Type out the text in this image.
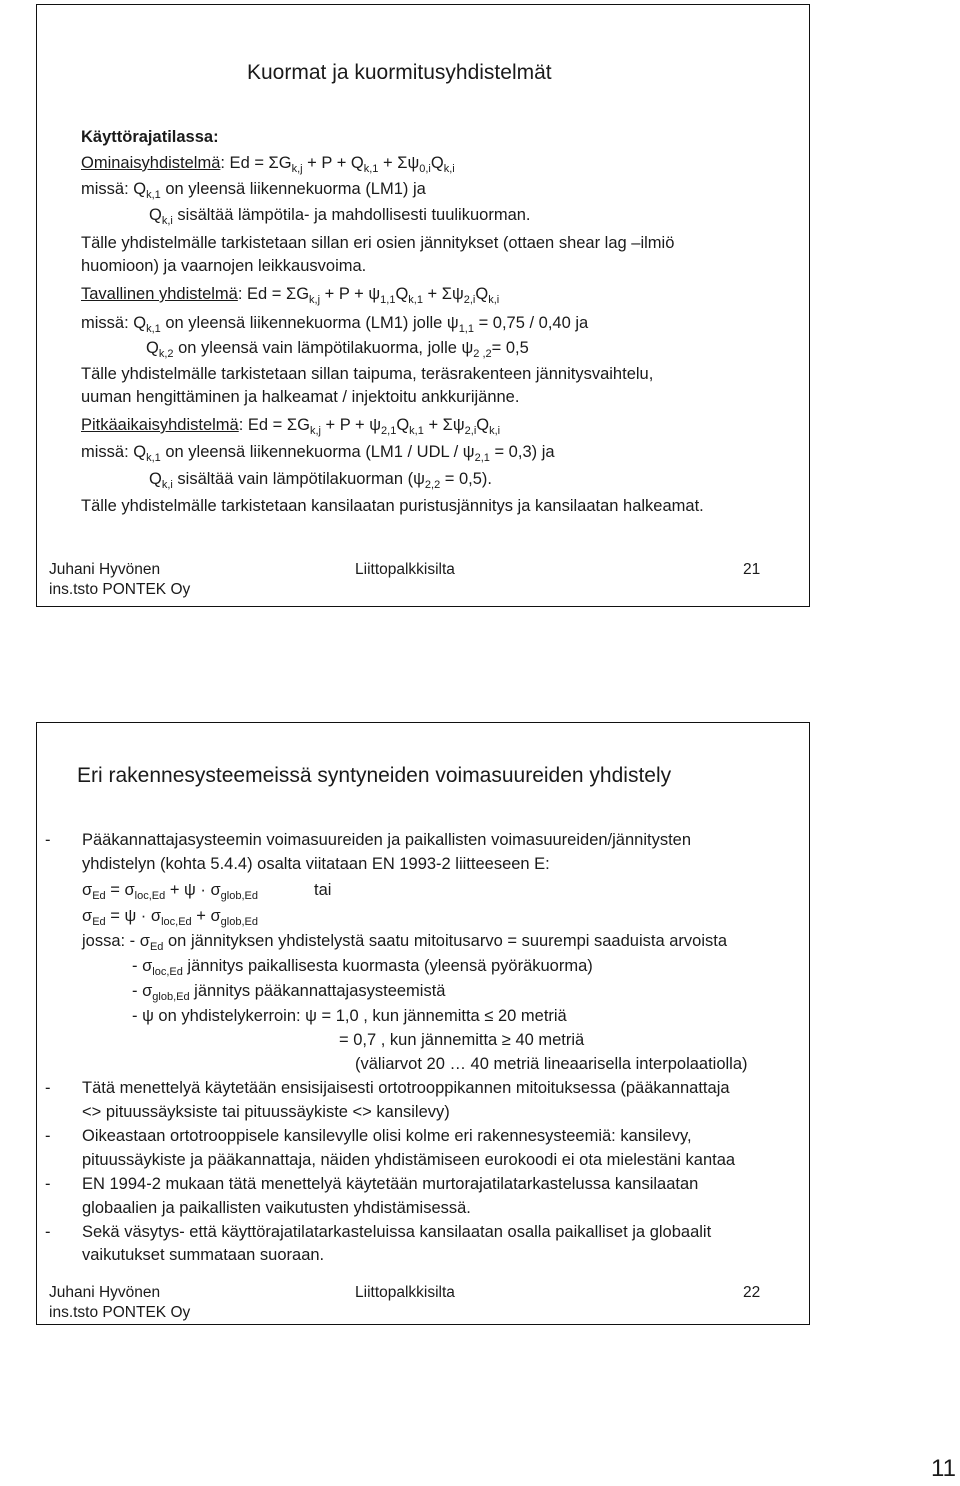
Kuormat ja kuormitusyhdistelmät
Käyttörajatilassa:
Ominaisyhdistelmä: $Ed = \Sigma G_{k,j} + P + Q_{k,1} + \Sigma\psi_{0,i}Q_{k,i}$
missä: $Q_{k,1}$ on yleensä liikennekuorma (LM1) ja
$Q_{k,i}$ sisältää lämpötila- ja mahdollisesti tuulikuorman.
Tälle yhdistelmälle tarkistetaan sillan eri osien jännitykset (ottaen shear lag –ilmiö
huomioon) ja vaarnojen leikkausvoima.
Tavallinen yhdistelmä: $Ed = \Sigma G_{k,j} + P + \psi_{1,1}Q_{k,1} + \Sigma\psi_{2,i}Q_{k,i}$
missä: $Q_{k,1}$ on yleensä liikennekuorma (LM1) jolle $\psi_{1,1} = 0,75 / 0,40$ ja
$Q_{k,2}$ on yleensä vain lämpötilakuorma, jolle $\psi_{2 ,2}= 0,5$
Tälle yhdistelmälle tarkistetaan sillan taipuma, teräsrakenteen jännitysvaihtelu,
uuman hengittäminen ja halkeamat / injektoitu ankkurijänne.
Pitkäaikaisyhdistelmä: $Ed = \Sigma G_{k,j} + P + \psi_{2,1}Q_{k,1} + \Sigma\psi_{2,i}Q_{k,i}$
missä: $Q_{k,1}$ on yleensä liikennekuorma (LM1 / UDL / $\psi_{2,1} = 0,3$) ja
$Q_{k,i}$ sisältää vain lämpötilakuorman $(\psi_{2,2} = 0,5)$.
Tälle yhdistelmälle tarkistetaan kansilaatan puristusjännitys ja kansilaatan halkeamat.
Juhani Hyvönen
ins.tsto PONTEK Oy
Liittopalkkisilta	21
Eri rakennesysteemeissä syntyneiden voimasuureiden yhdistely
- Pääkannattajasysteemin voimasuureiden ja paikallisten voimasuureiden/jännitysten
yhdistelyn (kohta 5.4.4) osalta viitataan EN 1993-2 liitteeseen E:
$\sigma_{Ed} = \sigma_{loc,Ed} + \psi \cdot \sigma_{glob,Ed}$	tai
$\sigma_{Ed} = \psi \cdot \sigma_{loc,Ed} + \sigma_{glob,Ed}$
jossa: - $\sigma_{Ed}$ on jännityksen yhdistelystä saatu mitoitusarvo = suurempi saaduista arvoista
- $\sigma_{loc,Ed}$ jännitys paikallisesta kuormasta (yleensä pyöräkuorma)
- $\sigma_{glob,Ed}$ jännitys pääkannattajasysteemistä
- ψ on yhdistelykerroin: ψ = 1,0 , kun jännemitta ≤ 20 metriä
= 0,7 , kun jännemitta ≥ 40 metriä
(väliarvot 20 … 40 metriä lineaarisella interpolaatiolla)
- Tätä menettelyä käytetään ensisijaisesti ortotrooppikannen mitoituksessa (pääkannattaja
<> pituussäyksiste tai pituussäykiste <> kansilevy)
- Oikeastaan ortotrooppisele kansilevylle olisi kolme eri rakennesysteemiä: kansilevy,
pituussäykiste ja pääkannattaja, näiden yhdistämiseen eurokoodi ei ota mielestäni kantaa
- EN 1994-2 mukaan tätä menettelyä käytetään murtorajatilatarkastelussa kansilaatan
globaalien ja paikallisten vaikutusten yhdistämisessä.
- Sekä väsytys- että käyttörajatilatarkasteluissa kansilaatan osalla paikalliset ja globaalit
vaikutukset summataan suoraan.
Juhani Hyvönen
ins.tsto PONTEK Oy
Liittopalkkisilta	22
11
